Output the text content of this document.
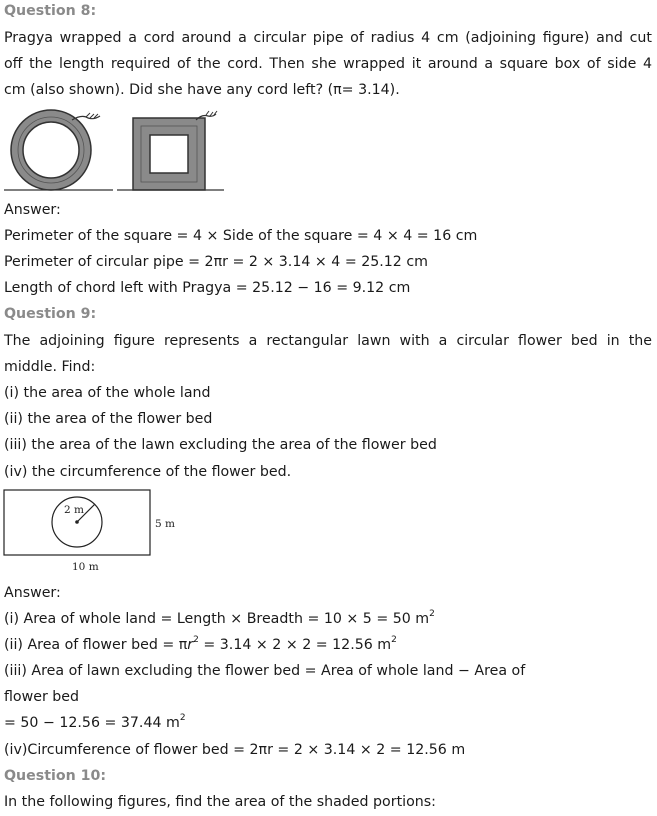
Question 8:
Pragya wrapped a cord around a circular pipe of radius 4 cm (adjoining figure) and cut
off the length required of the cord. Then she wrapped it around a square box of side 4
cm (also shown). Did she have any cord left? (π= 3.14).
Answer:
Perimeter of the square = 4 × Side of the square = 4 × 4 = 16 cm
Perimeter of circular pipe = 2πr = 2 × 3.14 × 4 = 25.12 cm
Length of chord left with Pragya = 25.12 − 16 = 9.12 cm
Question 9:
The adjoining figure represents a rectangular lawn with a circular flower bed in the
middle. Find:
(i) the area of the whole land
(ii) the area of the flower bed
(iii) the area of the lawn excluding the area of the flower bed
(iv) the circumference of the flower bed.
2 m
5 m
10 m
Answer:
(i) Area of whole land = Length × Breadth = 10 × 5 = 50 $m^2$
(ii) Area of flower bed = $\pi r^2 = 3.14 \times 2 \times 2 = 12.56$ $m^2$
(iii) Area of lawn excluding the flower bed = Area of whole land − Area of
flower bed
= 50 − 12.56 = 37.44 $m^2$
(iv)Circumference of flower bed = 2πr = 2 × 3.14 × 2 = 12.56 m
Question 10:
In the following figures, find the area of the shaded portions:
